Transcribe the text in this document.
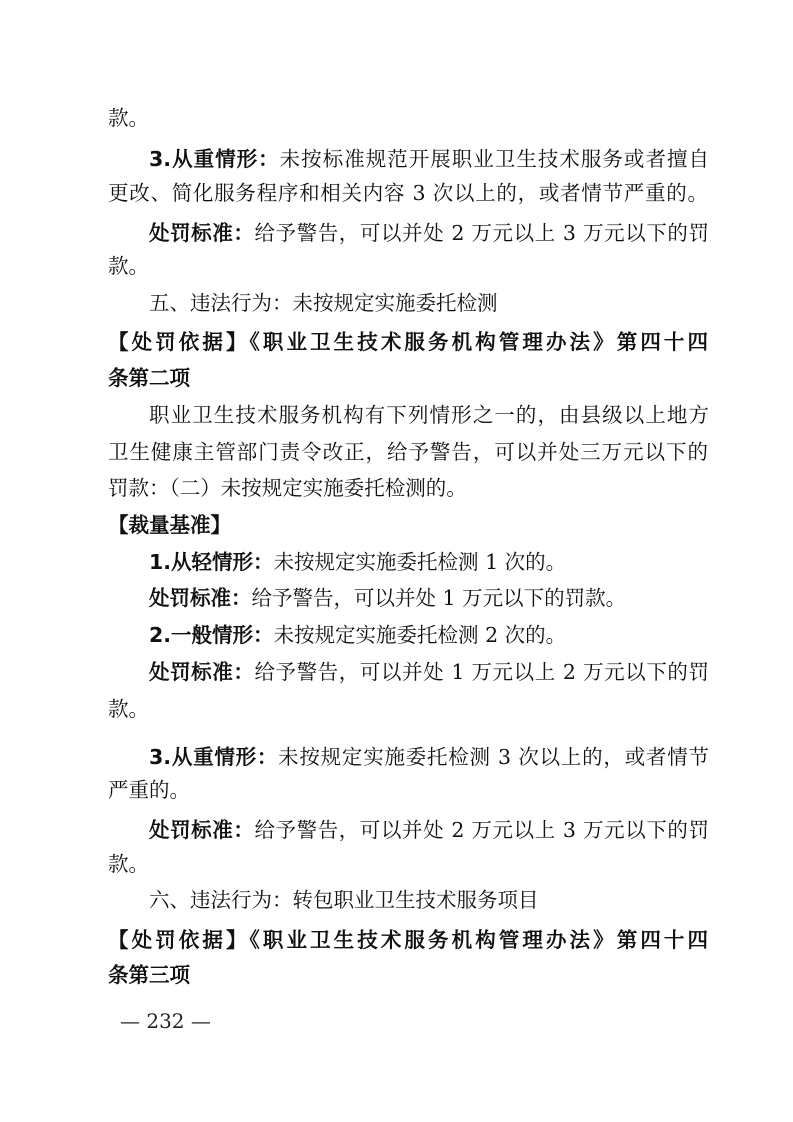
款。
3.从重情形：未按标准规范开展职业卫生技术服务或者擅自
更改、简化服务程序和相关内容 3 次以上的，或者情节严重的。
处罚标准：给予警告，可以并处 2 万元以上 3 万元以下的罚
款。
五、违法行为：未按规定实施委托检测
【处罚依据】《职业卫生技术服务机构管理办法》第四十四
条第二项
职业卫生技术服务机构有下列情形之一的，由县级以上地方
卫生健康主管部门责令改正，给予警告，可以并处三万元以下的
罚款：（二）未按规定实施委托检测的。
【裁量基准】
1.从轻情形：未按规定实施委托检测 1 次的。
处罚标准：给予警告，可以并处 1 万元以下的罚款。
2.一般情形：未按规定实施委托检测 2 次的。
处罚标准：给予警告，可以并处 1 万元以上 2 万元以下的罚
款。
3.从重情形：未按规定实施委托检测 3 次以上的，或者情节
严重的。
处罚标准：给予警告，可以并处 2 万元以上 3 万元以下的罚
款。
六、违法行为：转包职业卫生技术服务项目
【处罚依据】《职业卫生技术服务机构管理办法》第四十四
条第三项
— 232 —
